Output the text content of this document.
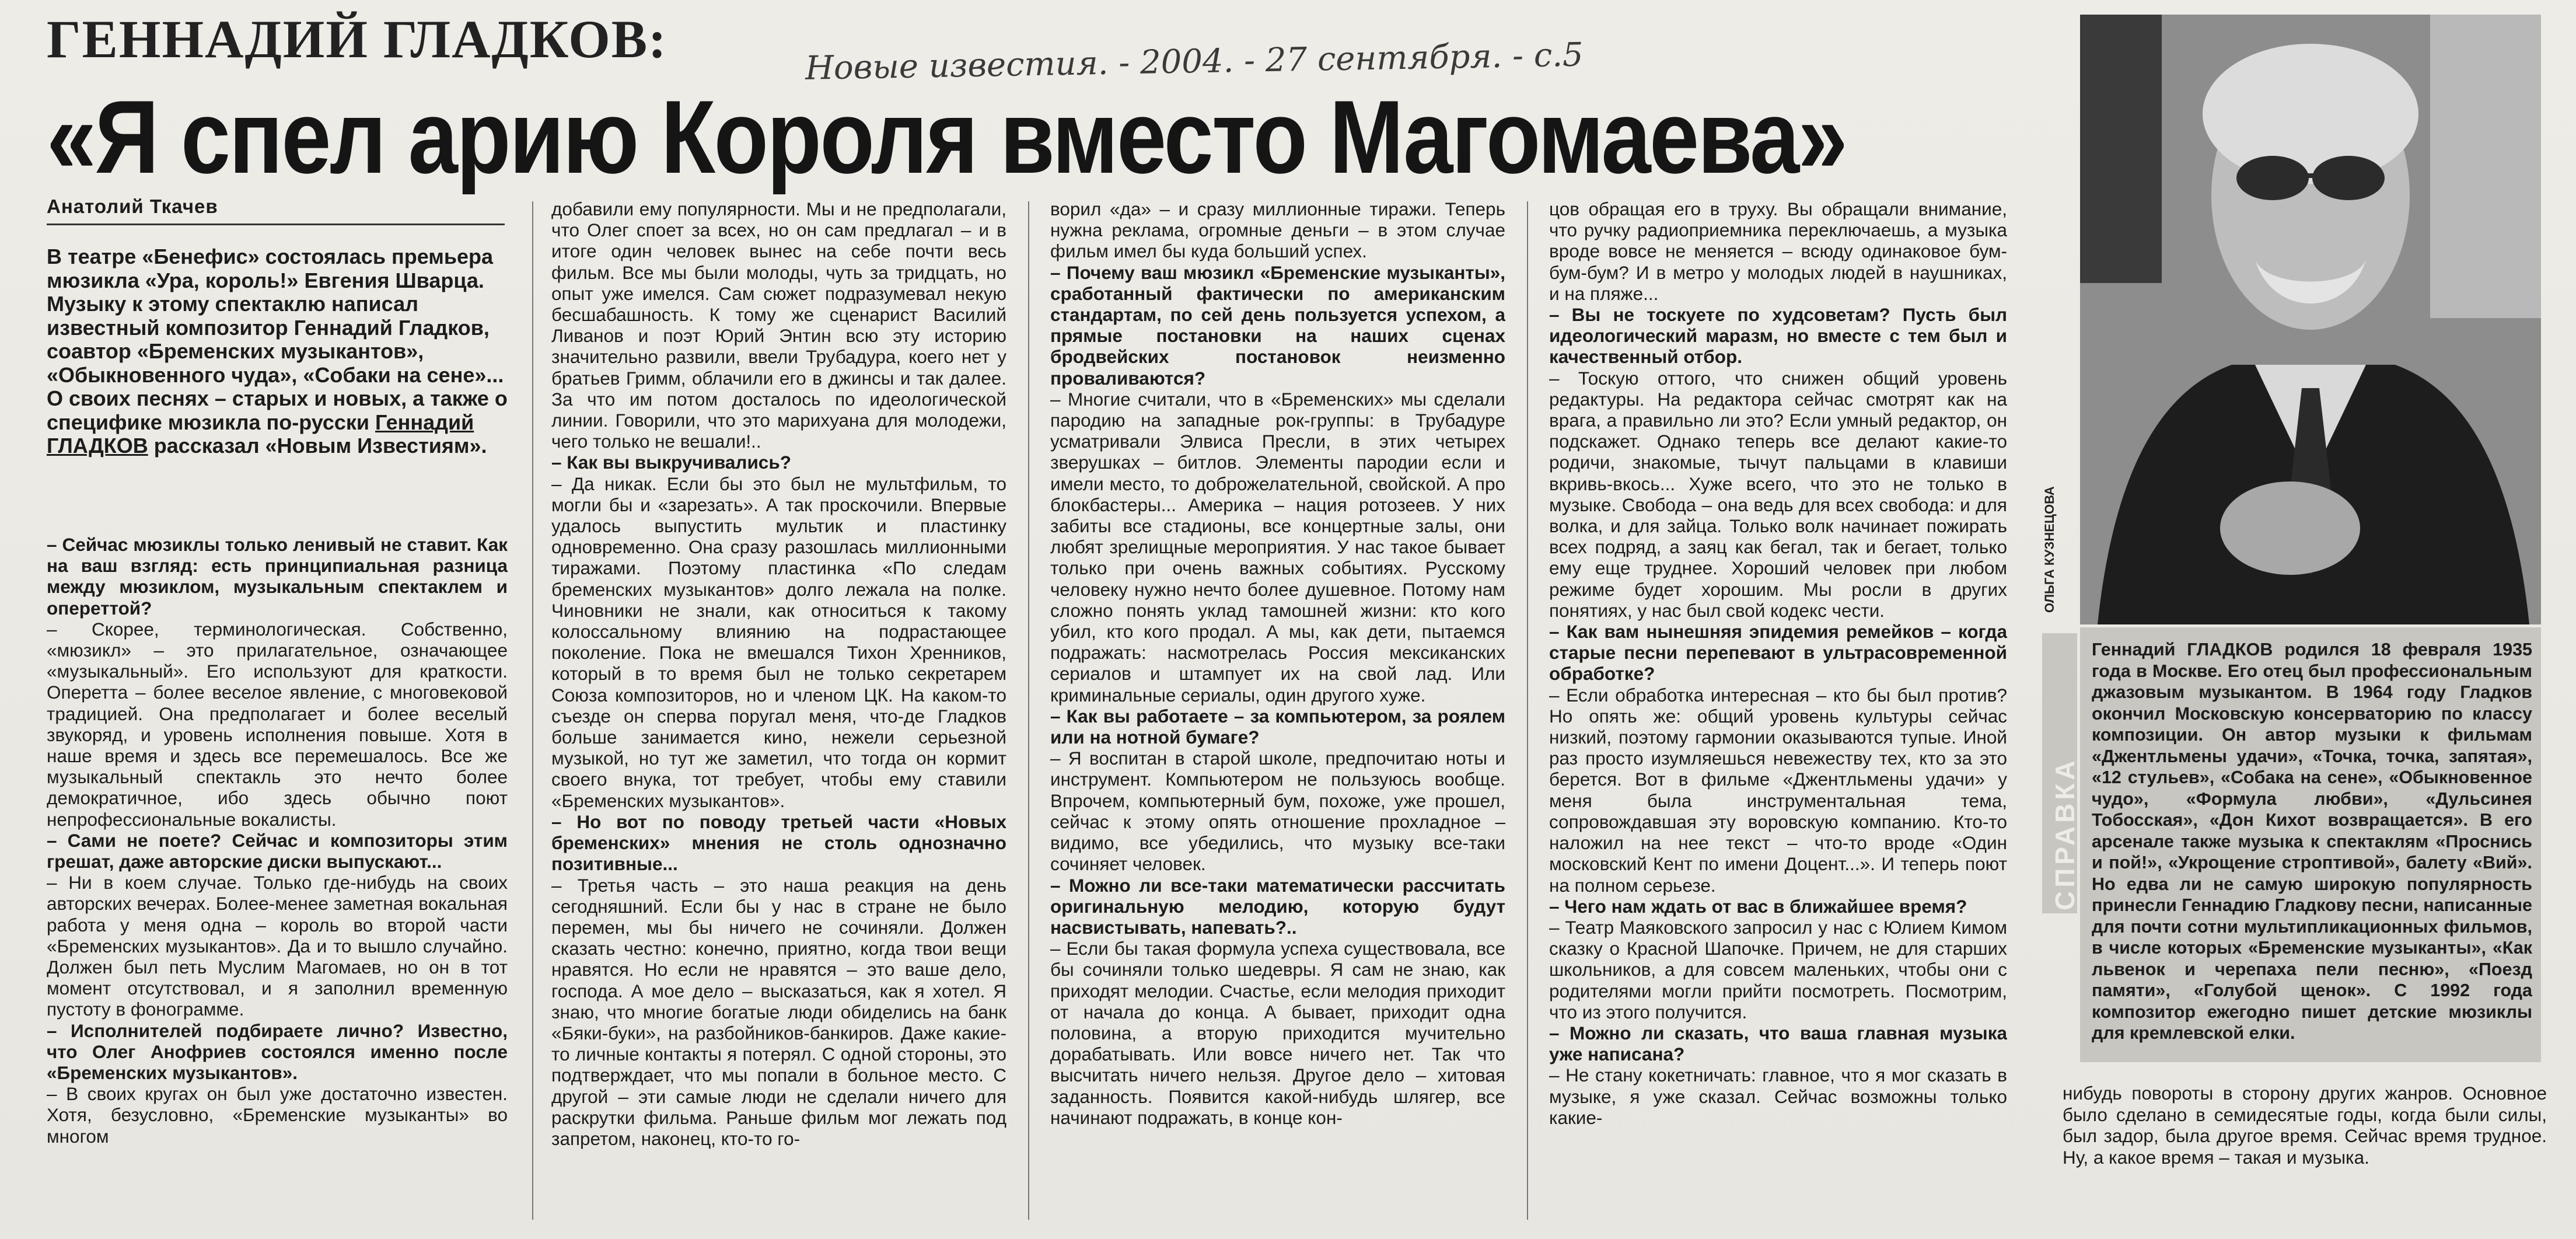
ГЕННАДИЙ ГЛАДКОВ:	Новые известия. - 2004. - 27 сентября. - с.5
«Я спел арию Короля вместо Магомаева»
Анатолий Ткачев
В театре «Бенефис» состоялась премьера мюзикла «Ура, король!» Евгения Шварца. Музыку к этому спектаклю написал известный композитор Геннадий Гладков, соавтор «Бременских музыкантов», «Обыкновенного чуда», «Собаки на сене»... О своих песнях – старых и новых, а также о специфике мюзикла по-русски Геннадий ГЛАДКОВ рассказал «Новым Известиям».

– Сейчас мюзиклы только ленивый не ставит. Как на ваш взгляд: есть принципиальная разница между мюзиклом, музыкальным спектаклем и опереттой?

– Скорее, терминологическая. Собственно, «мюзикл» – это прилагательное, означающее «музыкальный». Его используют для краткости. Оперетта – более веселое явление, с многовековой традицией. Она предполагает и более веселый звукоряд, и уровень исполнения повыше. Хотя в наше время и здесь все перемешалось. Все же музыкальный спектакль это нечто более демократичное, ибо здесь обычно поют непрофессиональные вокалисты.

– Сами не поете? Сейчас и композиторы этим грешат, даже авторские диски выпускают...

– Ни в коем случае. Только где-нибудь на своих авторских вечерах. Более-менее заметная вокальная работа у меня одна – король во второй части «Бременских музыкантов». Да и то вышло случайно. Должен был петь Муслим Магомаев, но он в тот момент отсутствовал, и я заполнил временную пустоту в фонограмме.

– Исполнителей подбираете лично? Известно, что Олег Анофриев состоялся именно после «Бременских музыкантов».

– В своих кругах он был уже достаточно известен. Хотя, безусловно, «Бременские музыканты» во многом

добавили ему популярности. Мы и не предполагали, что Олег споет за всех, но он сам предлагал – и в итоге один человек вынес на себе почти весь фильм. Все мы были молоды, чуть за тридцать, но опыт уже имелся. Сам сюжет подразумевал некую бесшабашность. К тому же сценарист Василий Ливанов и поэт Юрий Энтин всю эту историю значительно развили, ввели Трубадура, коего нет у братьев Гримм, облачили его в джинсы и так далее. За что им потом досталось по идеологической линии. Говорили, что это марихуана для молодежи, чего только не вешали!..

– Как вы выкручивались?

– Да никак. Если бы это был не мультфильм, то могли бы и «зарезать». А так проскочили. Впервые удалось выпустить мультик и пластинку одновременно. Она сразу разошлась миллионными тиражами. Поэтому пластинка «По следам бременских музыкантов» долго лежала на полке. Чиновники не знали, как относиться к такому колоссальному влиянию на подрастающее поколение. Пока не вмешался Тихон Хренников, который в то время был не только секретарем Союза композиторов, но и членом ЦК. На каком-то съезде он сперва поругал меня, что-де Гладков больше занимается кино, нежели серьезной музыкой, но тут же заметил, что тогда он кормит своего внука, тот требует, чтобы ему ставили «Бременских музыкантов».

– Но вот по поводу третьей части «Новых бременских» мнения не столь однозначно позитивные...

– Третья часть – это наша реакция на день сегодняшний. Если бы у нас в стране не было перемен, мы бы ничего не сочиняли. Должен сказать честно: конечно, приятно, когда твои вещи нравятся. Но если не нравятся – это ваше дело, господа. А мое дело – высказаться, как я хотел. Я знаю, что многие богатые люди обиделись на банк «Бяки-буки», на разбойников-банкиров. Даже какие-то личные контакты я потерял. С одной стороны, это подтверждает, что мы попали в больное место. С другой – эти самые люди не сделали ничего для раскрутки фильма. Раньше фильм мог лежать под запретом, наконец, кто-то го-

ворил «да» – и сразу миллионные тиражи. Теперь нужна реклама, огромные деньги – в этом случае фильм имел бы куда больший успех.

– Почему ваш мюзикл «Бременские музыканты», сработанный фактически по американским стандартам, по сей день пользуется успехом, а прямые постановки на наших сценах бродвейских постановок неизменно проваливаются?

– Многие считали, что в «Бременских» мы сделали пародию на западные рок-группы: в Трубадуре усматривали Элвиса Пресли, в этих четырех зверушках – битлов. Элементы пародии если и имели место, то доброжелательной, свойской. А про блокбастеры... Америка – нация ротозеев. У них забиты все стадионы, все концертные залы, они любят зрелищные мероприятия. У нас такое бывает только при очень важных событиях. Русскому человеку нужно нечто более душевное. Потому нам сложно понять уклад тамошней жизни: кто кого убил, кто кого продал. А мы, как дети, пытаемся подражать: насмотрелась Россия мексиканских сериалов и штампует их на свой лад. Или криминальные сериалы, один другого хуже.

– Как вы работаете – за компьютером, за роялем или на нотной бумаге?

– Я воспитан в старой школе, предпочитаю ноты и инструмент. Компьютером не пользуюсь вообще. Впрочем, компьютерный бум, похоже, уже прошел, сейчас к этому опять отношение прохладное – видимо, все убедились, что музыку все-таки сочиняет человек.

– Можно ли все-таки математически рассчитать оригинальную мелодию, которую будут насвистывать, напевать?..

– Если бы такая формула успеха существовала, все бы сочиняли только шедевры. Я сам не знаю, как приходят мелодии. Счастье, если мелодия приходит от начала до конца. А бывает, приходит одна половина, а вторую приходится мучительно дорабатывать. Или вовсе ничего нет. Так что высчитать ничего нельзя. Другое дело – хитовая заданность. Появится какой-нибудь шлягер, все начинают подражать, в конце кон-

цов обращая его в труху. Вы обращали внимание, что ручку радиоприемника переключаешь, а музыка вроде вовсе не меняется – всюду одинаковое бум-бум-бум? И в метро у молодых людей в наушниках, и на пляже...

– Вы не тоскуете по худсоветам? Пусть был идеологический маразм, но вместе с тем был и качественный отбор.

– Тоскую оттого, что снижен общий уровень редактуры. На редактора сейчас смотрят как на врага, а правильно ли это? Если умный редактор, он подскажет. Однако теперь все делают какие-то родичи, знакомые, тычут пальцами в клавиши вкривь-вкось... Хуже всего, что это не только в музыке. Свобода – она ведь для всех свобода: и для волка, и для зайца. Только волк начинает пожирать всех подряд, а заяц как бегал, так и бегает, только ему еще труднее. Хороший человек при любом режиме будет хорошим. Мы росли в других понятиях, у нас был свой кодекс чести.

– Как вам нынешняя эпидемия ремейков – когда старые песни перепевают в ультрасовременной обработке?

– Если обработка интересная – кто бы был против? Но опять же: общий уровень культуры сейчас низкий, поэтому гармонии оказываются тупые. Иной раз просто изумляешься невежеству тех, кто за это берется. Вот в фильме «Джентльмены удачи» у меня была инструментальная тема, сопровождавшая эту воровскую компанию. Кто-то наложил на нее текст – что-то вроде «Один московский Кент по имени Доцент...». И теперь поют на полном серьезе.

– Чего нам ждать от вас в ближайшее время?

– Театр Маяковского запросил у нас с Юлием Кимом сказку о Красной Шапочке. Причем, не для старших школьников, а для совсем маленьких, чтобы они с родителями могли прийти посмотреть. Посмотрим, что из этого получится.

– Можно ли сказать, что ваша главная музыка уже написана?

– Не стану кокетничать: главное, что я мог сказать в музыке, я уже сказал. Сейчас возможны только какие-

нибудь повороты в сторону других жанров. Основное было сделано в семидесятые годы, когда были силы, был задор, была другое время. Сейчас время трудное. Ну, а какое время – такая и музыка.
СПРАВКА
Геннадий ГЛАДКОВ родился 18 февраля 1935 года в Москве. Его отец был профессиональным джазовым музыкантом. В 1964 году Гладков окончил Московскую консерваторию по классу композиции. Он автор музыки к фильмам «Джентльмены удачи», «Точка, точка, запятая», «12 стульев», «Собака на сене», «Обыкновенное чудо», «Формула любви», «Дульсинея Тобосская», «Дон Кихот возвращается». В его арсенале также музыка к спектаклям «Проснись и пой!», «Укрощение строптивой», балету «Вий». Но едва ли не самую широкую популярность принесли Геннадию Гладкову песни, написанные для почти сотни мультипликационных фильмов, в числе которых «Бременские музыканты», «Как львенок и черепаха пели песню», «Поезд памяти», «Голубой щенок». С 1992 года композитор ежегодно пишет детские мюзиклы для кремлевской елки.
